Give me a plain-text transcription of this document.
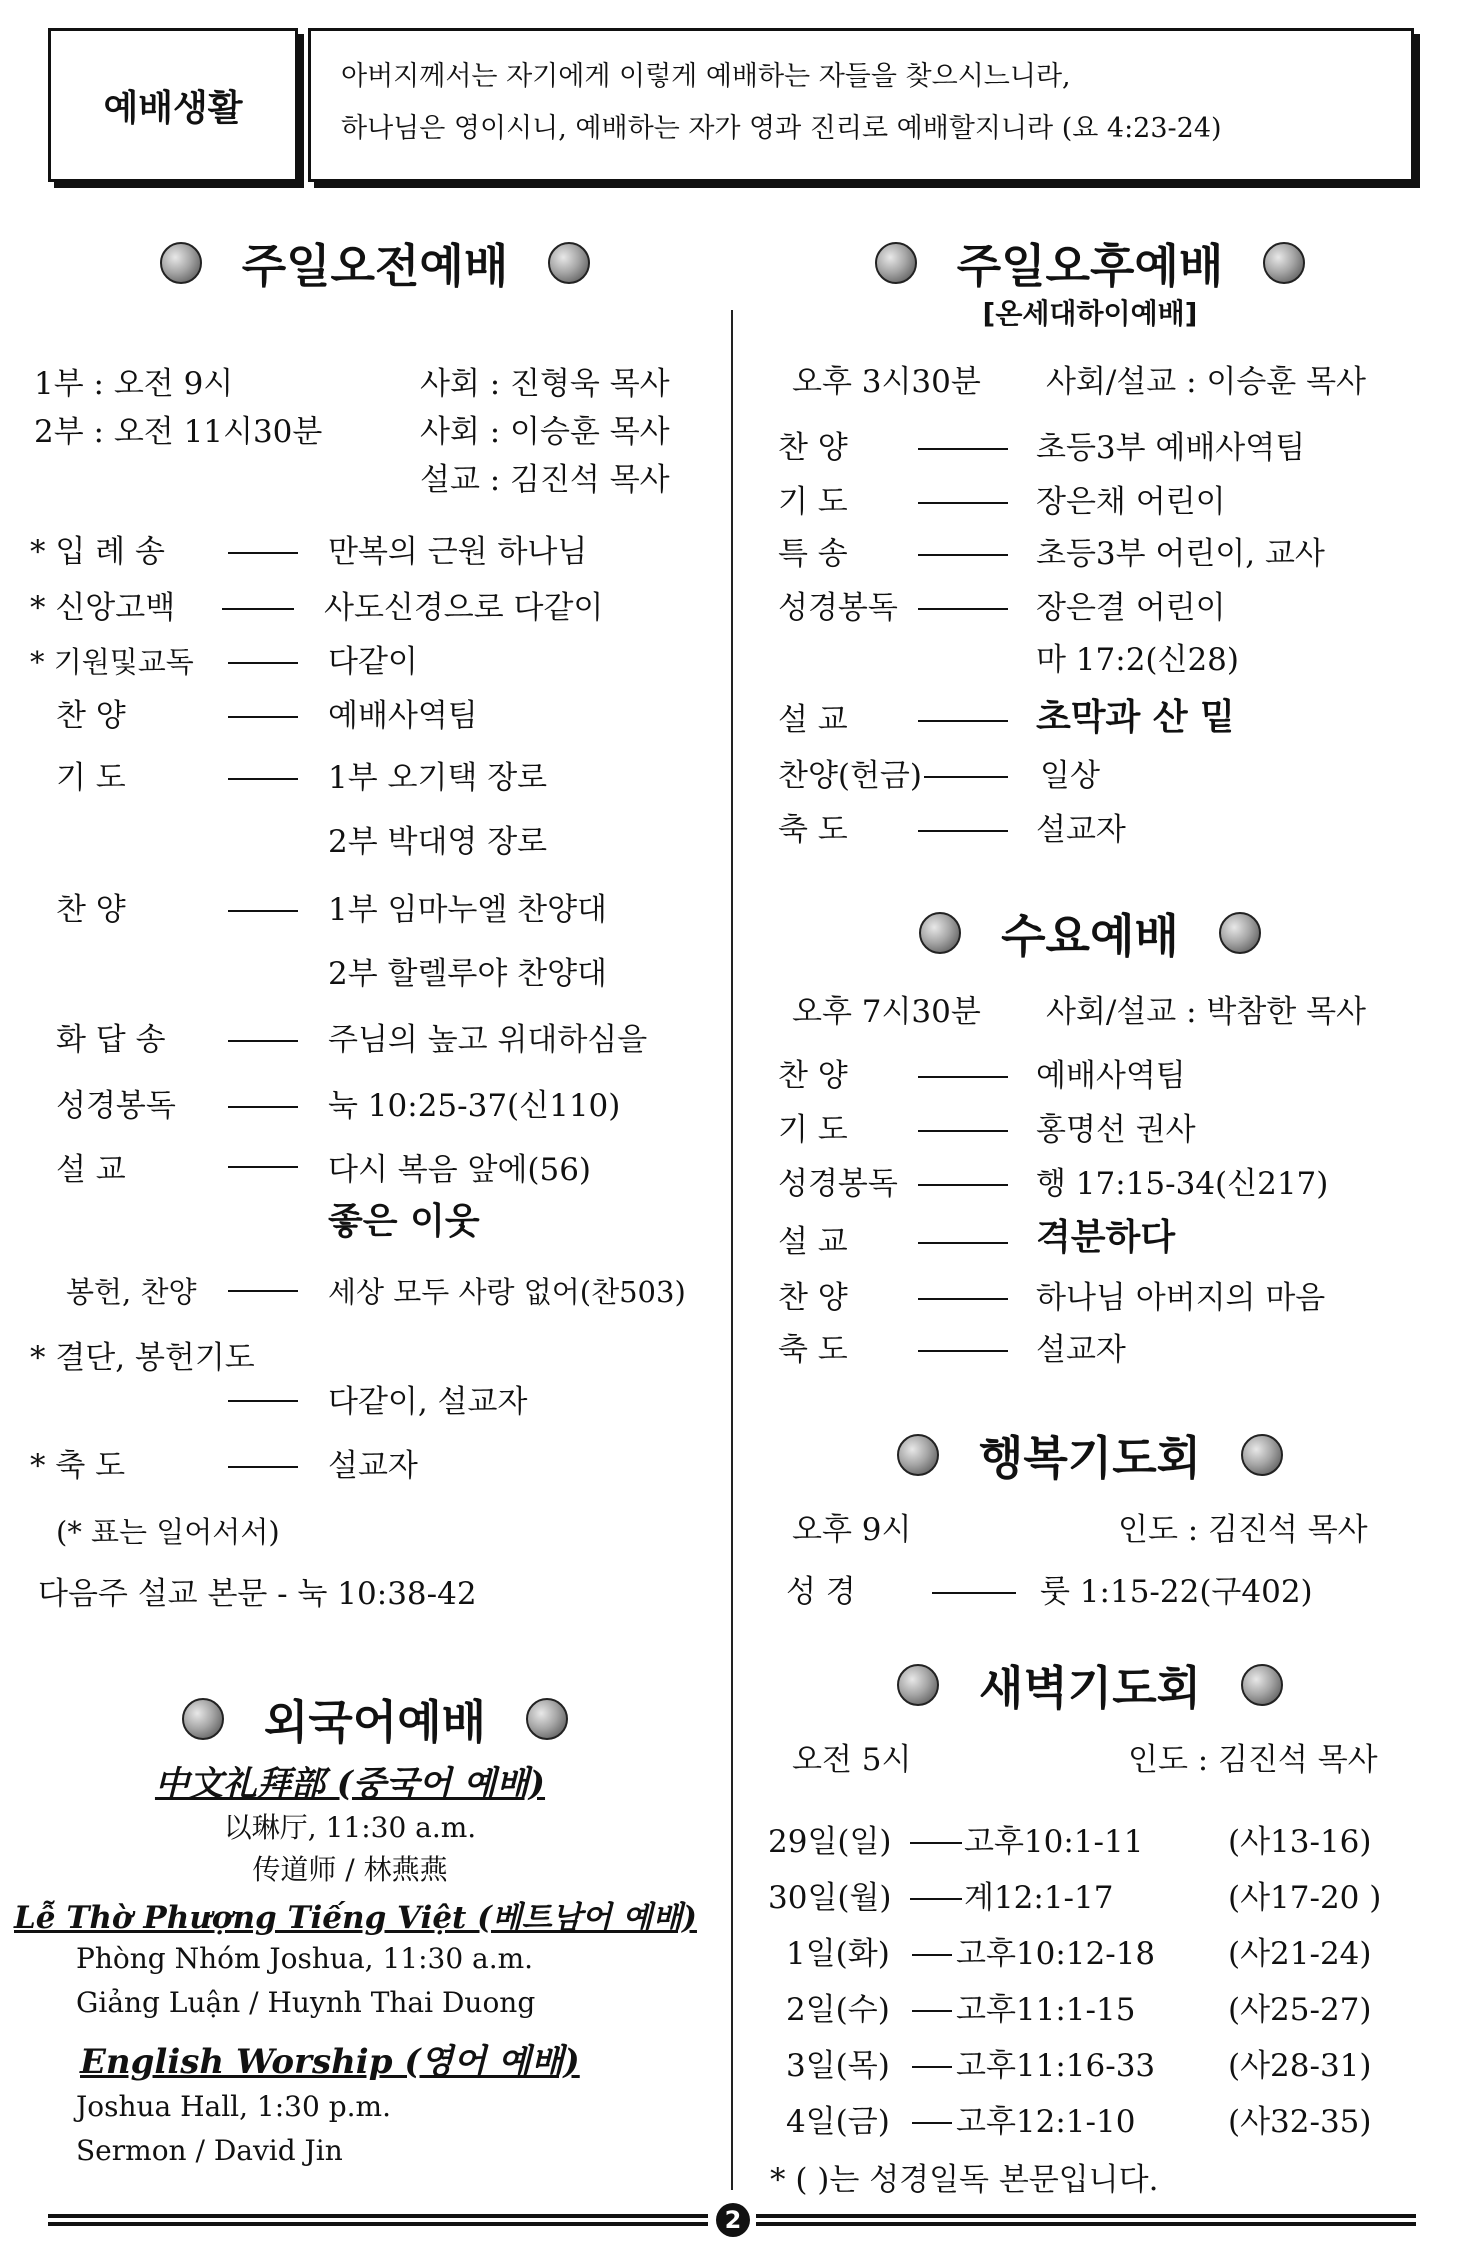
예배생활
아버지께서는 자기에게 이렇게 예배하는 자들을 찾으시느니라,
하나님은 영이시니, 예배하는 자가 영과 진리로 예배할지니라 (요 4:23-24)
주일오전예배
1부 : 오전 9시	사회 : 진형욱 목사
2부 : 오전 11시30분	사회 : 이승훈 목사
설교 : 김진석 목사
* 입 례 송	만복의 근원 하나님
* 신앙고백	사도신경으로 다같이
* 기원및교독	다같이
찬 양	예배사역팀
기 도	1부 오기택 장로
2부 박대영 장로
찬 양	1부 임마누엘 찬양대
2부 할렐루야 찬양대
화 답 송	주님의 높고 위대하심을
성경봉독	눅 10:25-37(신110)
설 교	다시 복음 앞에(56)
좋은 이웃
봉헌, 찬양	세상 모두 사랑 없어(찬503)
* 결단, 봉헌기도
다같이, 설교자
* 축 도	설교자
(* 표는 일어서서)
다음주 설교 본문 - 눅 10:38-42
외국어예배
中文礼拜部 (중국어 예배)
以琳厅, 11:30 a.m.
传道师 / 林燕燕
Lễ Thờ Phượng Tiếng Việt (베트남어 예배)
Phòng Nhóm Joshua, 11:30 a.m.
Giảng Luận / Huynh Thai Duong
English Worship (영어 예배)
Joshua Hall, 1:30 p.m.
Sermon / David Jin
주일오후예배
[온세대하이예배]
오후 3시30분 사회/설교 : 이승훈 목사
찬 양	초등3부 예배사역팀
기 도	장은채 어린이
특 송	초등3부 어린이, 교사
성경봉독	장은결 어린이
마 17:2(신28)
설 교	초막과 산 밑
찬양(헌금)	일상
축 도	설교자
수요예배
오후 7시30분 사회/설교 : 박참한 목사
찬 양	예배사역팀
기 도	홍명선 권사
성경봉독	행 17:15-34(신217)
설 교	격분하다
찬 양	하나님 아버지의 마음
축 도	설교자
행복기도회
오후 9시	인도 : 김진석 목사
성 경	룻 1:15-22(구402)
새벽기도회
오전 5시	인도 : 김진석 목사
29일(일) 고후10:1-11	(사13-16)
30일(월) 계12:1-17	(사17-20 )
1일(화) 고후10:12-18 (사21-24)
2일(수) 고후11:1-15	(사25-27)
3일(목) 고후11:16-33 (사28-31)
4일(금) 고후12:1-10	(사32-35)
* ( )는 성경일독 본문입니다.
2
